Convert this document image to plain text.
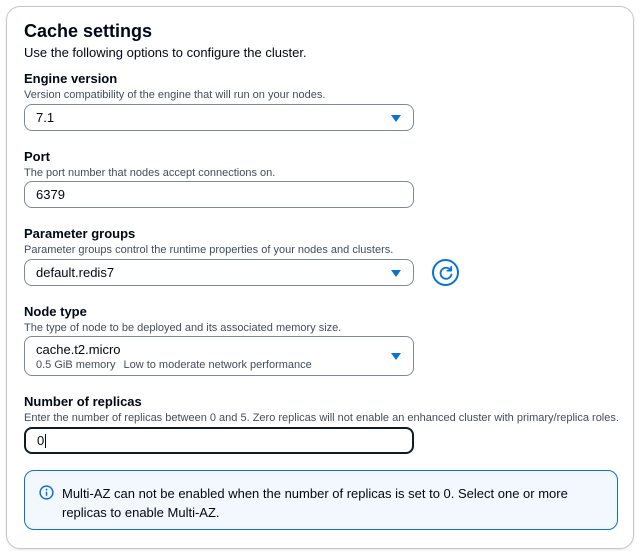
Cache settings

Use the following options to configure the cluster.

Engine version
Version compatibility of the engine that will run on your nodes.
7.1
Port
The port number that nodes accept connections on.
6379
Parameter groups
Parameter groups control the runtime properties of your nodes and clusters.
default.redis7
Node type
The type of node to be deployed and its associated memory size.
cache.t2.micro
0.5 GiB memory Low to moderate network performance
Number of replicas
Enter the number of replicas between 0 and 5. Zero replicas will not enable an enhanced cluster with primary/replica roles.
0
Multi-AZ can not be enabled when the number of replicas is set to 0. Select one or more replicas to enable Multi-AZ.
